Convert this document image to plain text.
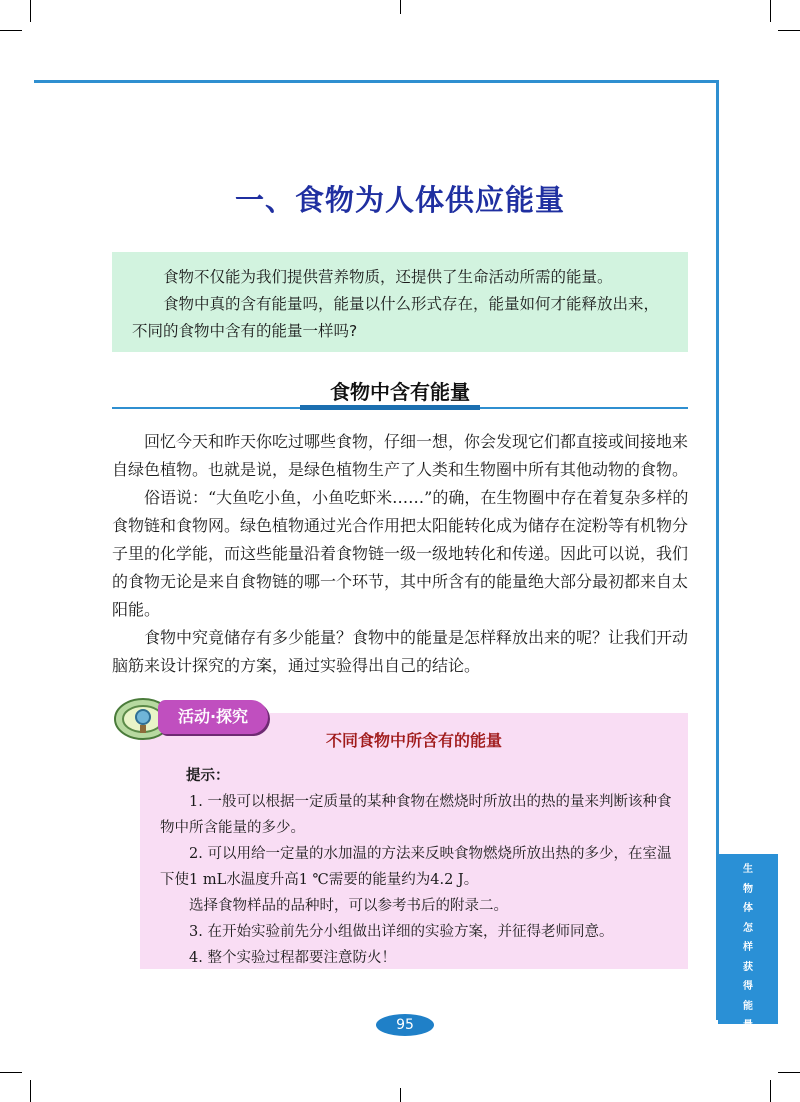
一、食物为人体供应能量

食物不仅能为我们提供营养物质，还提供了生命活动所需的能量。

食物中真的含有能量吗，能量以什么形式存在，能量如何才能释放出来，不同的食物中含有的能量一样吗?

食物中含有能量

回忆今天和昨天你吃过哪些食物，仔细一想，你会发现它们都直接或间接地来自绿色植物。也就是说，是绿色植物生产了人类和生物圈中所有其他动物的食物。

俗语说：“大鱼吃小鱼，小鱼吃虾米……”的确，在生物圈中存在着复杂多样的食物链和食物网。绿色植物通过光合作用把太阳能转化成为储存在淀粉等有机物分子里的化学能，而这些能量沿着食物链一级一级地转化和传递。因此可以说，我们的食物无论是来自食物链的哪一个环节，其中所含有的能量绝大部分最初都来自太阳能。

食物中究竟储存有多少能量？食物中的能量是怎样释放出来的呢？让我们开动脑筋来设计探究的方案，通过实验得出自己的结论。

活动·探究
不同食物中所含有的能量

提示：

1. 一般可以根据一定质量的某种食物在燃烧时所放出的热的量来判断该种食物中所含能量的多少。

2. 可以用给一定量的水加温的方法来反映食物燃烧所放出热的多少，在室温下使1 mL水温度升高1 ℃需要的能量约为4.2 J。

选择食物样品的品种时，可以参考书后的附录二。

3. 在开始实验前先分小组做出详细的实验方案，并征得老师同意。

4. 整个实验过程都要注意防火！

生
物
体
怎
样
获
得
能
量
95
